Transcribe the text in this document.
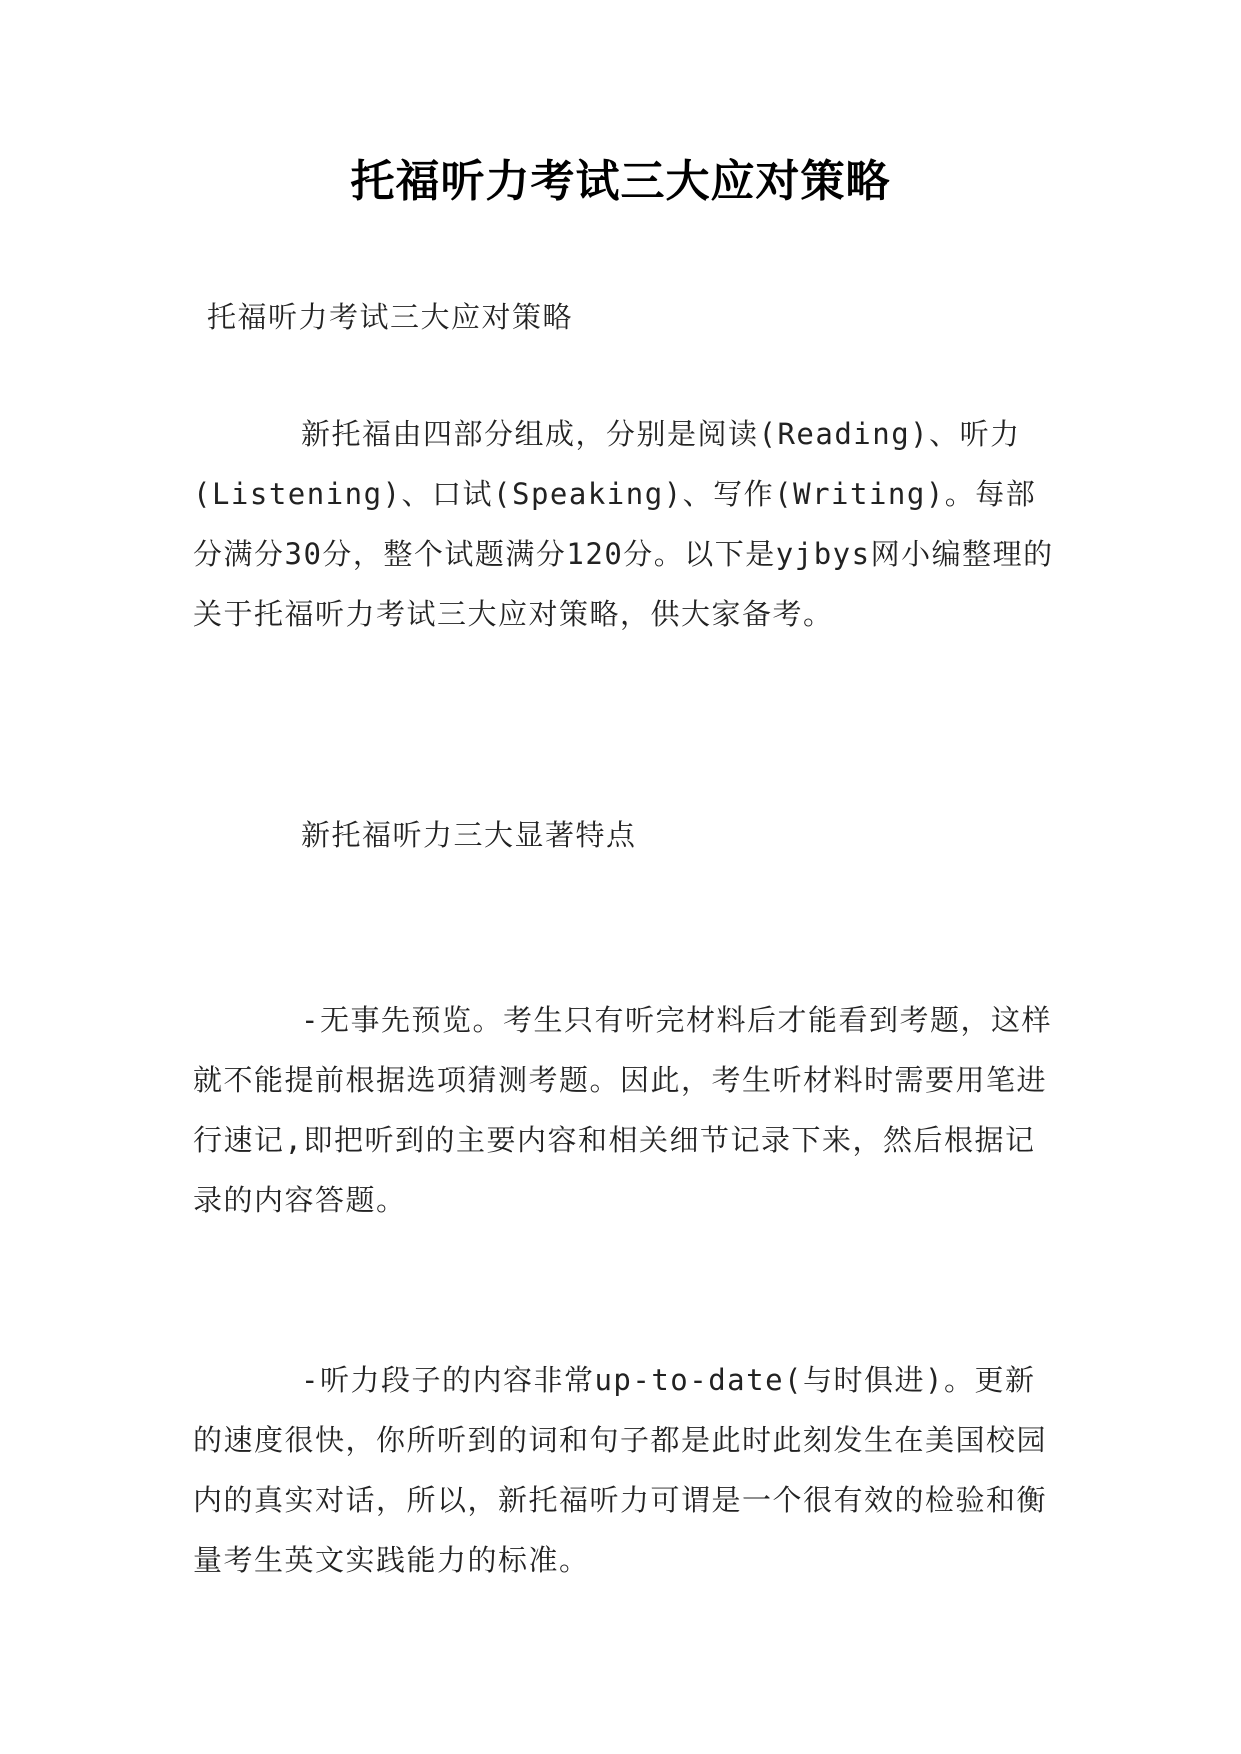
托福听力考试三大应对策略

托福听力考试三大应对策略

新托福由四部分组成，分别是阅读(Reading)、听力(Listening)、口试(Speaking)、写作(Writing)。每部分满分30分，整个试题满分120分。以下是yjbys网小编整理的关于托福听力考试三大应对策略，供大家备考。

新托福听力三大显著特点

-无事先预览。考生只有听完材料后才能看到考题，这样就不能提前根据选项猜测考题。因此，考生听材料时需要用笔进行速记,即把听到的主要内容和相关细节记录下来，然后根据记录的内容答题。

-听力段子的内容非常up-to-date(与时俱进)。更新的速度很快，你所听到的词和句子都是此时此刻发生在美国校园内的真实对话，所以，新托福听力可谓是一个很有效的检验和衡量考生英文实践能力的标准。
